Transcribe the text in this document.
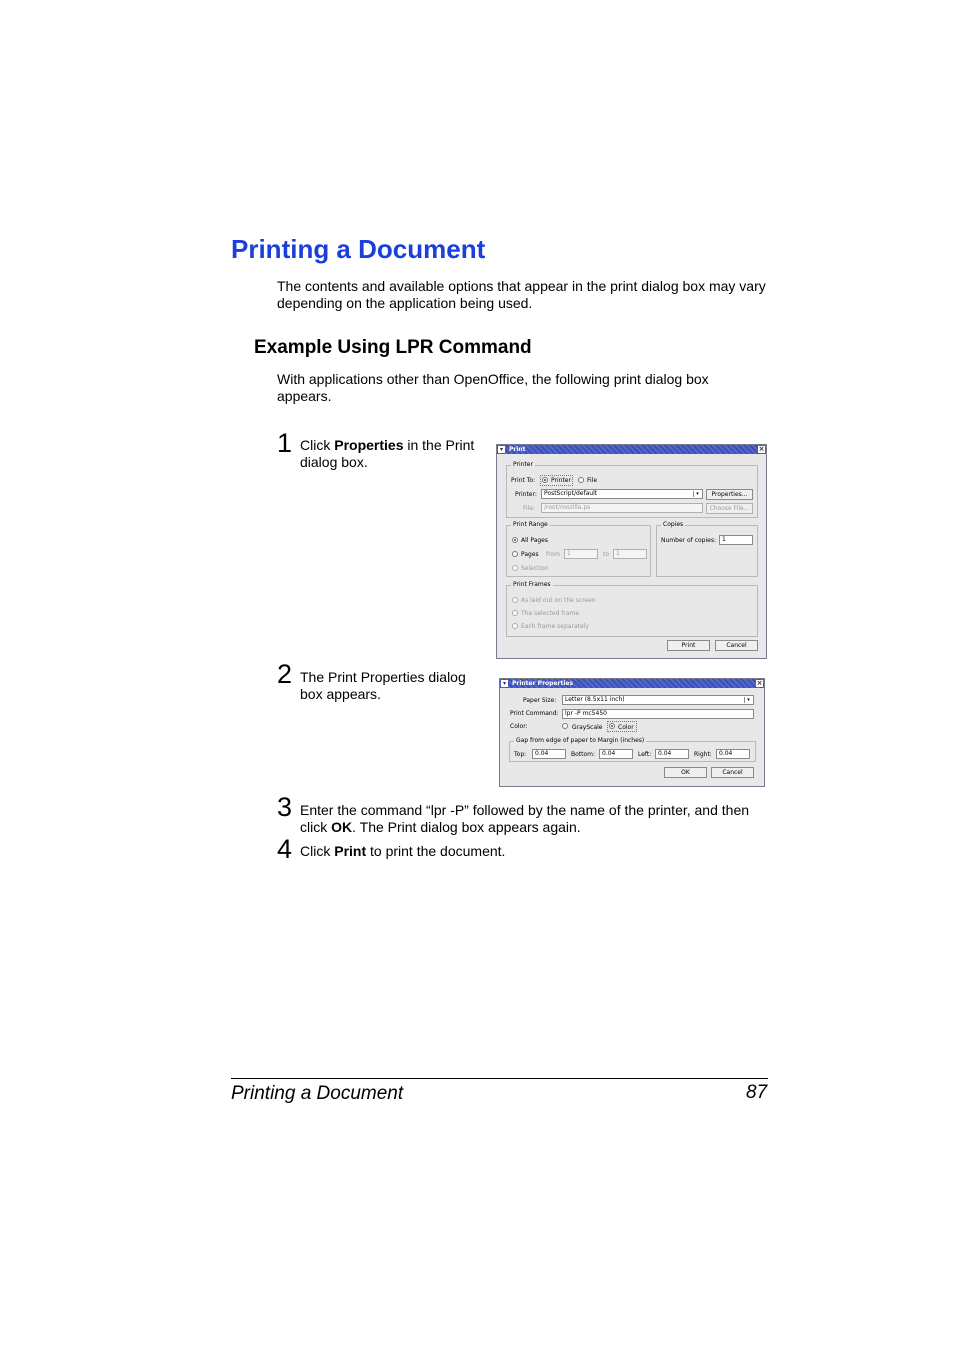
Printing a Document
The contents and available options that appear in the print dialog box may vary depending on the application being used.
Example Using LPR Command
With applications other than OpenOffice, the following print dialog box appears.
1 Click Properties in the Print dialog box.
▾	Print	×
Printer
Print To:	Printer	File
Printer:	PostScript/default	▾	Properties...
File:	/root/mozilla.ps	Choose File...
Print Range
All Pages
Pages from	1	to	1
Selection
Copies
Number of copies:	1
Print Frames
As laid out on the screen
The selected frame
Each frame separately
Print	Cancel
2 The Print Properties dialog box appears.
▾	Printer Properties	×
Paper Size:	Letter (8.5x11 inch)	▾
Print Command:	lpr -P mc5450
Color:	GrayScale	Color
Gap from edge of paper to Margin (inches)
Top:	0.04	Bottom:	0.04	Left:	0.04	Right:	0.04
OK	Cancel
3 Enter the command “lpr -P” followed by the name of the printer, and then click OK. The Print dialog box appears again.
4 Click Print to print the document.
Printing a Document	87
